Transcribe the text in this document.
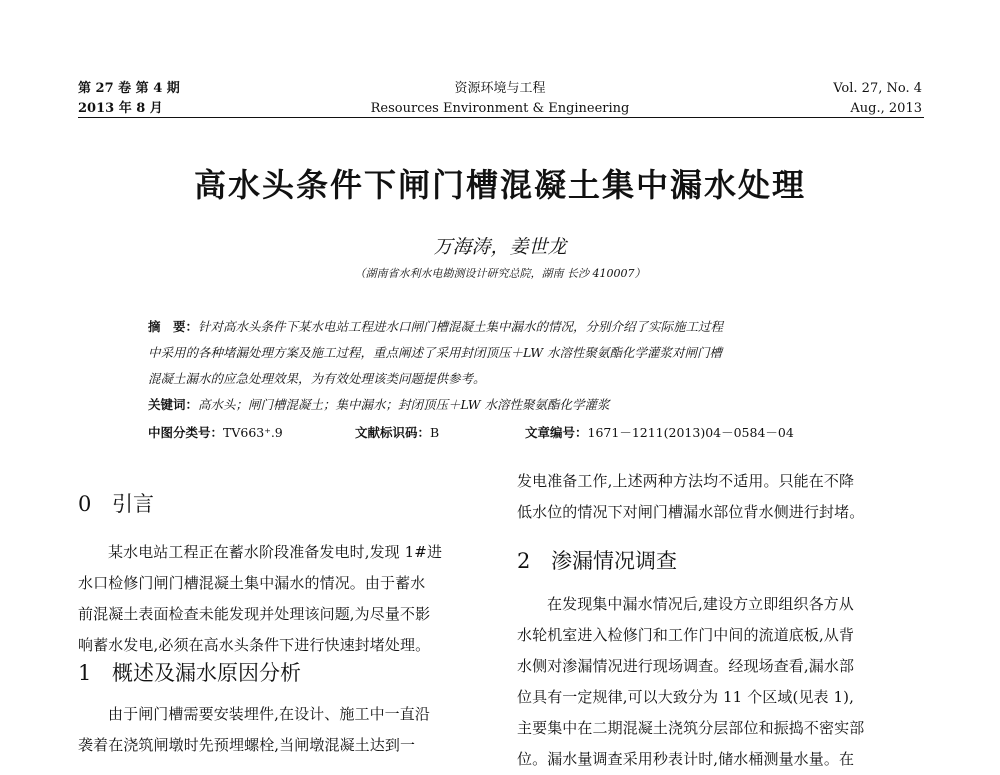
第 27 卷 第 4 期
2013 年 8 月
资源环境与工程
Resources Environment & Engineering
Vol. 27, No. 4
Aug., 2013
高水头条件下闸门槽混凝土集中漏水处理
万海涛，姜世龙
（湖南省水利水电勘测设计研究总院，湖南 长沙 410007）
摘　要：针对高水头条件下某水电站工程进水口闸门槽混凝土集中漏水的情况，分别介绍了实际施工过程
中采用的各种堵漏处理方案及施工过程，重点阐述了采用封闭顶压＋LW 水溶性聚氨酯化学灌浆对闸门槽
混凝土漏水的应急处理效果，为有效处理该类问题提供参考。
关键词：高水头；闸门槽混凝土；集中漏水；封闭顶压＋LW 水溶性聚氨酯化学灌浆
中图分类号：TV663⁺.9	文献标识码：B	文章编号：1671－1211(2013)04－0584－04
0 引言
某水电站工程正在蓄水阶段准备发电时,发现 1#进
水口检修门闸门槽混凝土集中漏水的情况。由于蓄水
前混凝土表面检查未能发现并处理该问题,为尽量不影
响蓄水发电,必须在高水头条件下进行快速封堵处理。
1 概述及漏水原因分析
由于闸门槽需要安装埋件,在设计、施工中一直沿
袭着在浇筑闸墩时先预埋螺栓,当闸墩混凝土达到一
发电准备工作,上述两种方法均不适用。只能在不降
低水位的情况下对闸门槽漏水部位背水侧进行封堵。
2 渗漏情况调查
在发现集中漏水情况后,建设方立即组织各方从
水轮机室进入检修门和工作门中间的流道底板,从背
水侧对渗漏情况进行现场调查。经现场查看,漏水部
位具有一定规律,可以大致分为 11 个区域(见表 1),
主要集中在二期混凝土浇筑分层部位和振捣不密实部
位。漏水量调查采用秒表计时,储水桶测量水量。在
